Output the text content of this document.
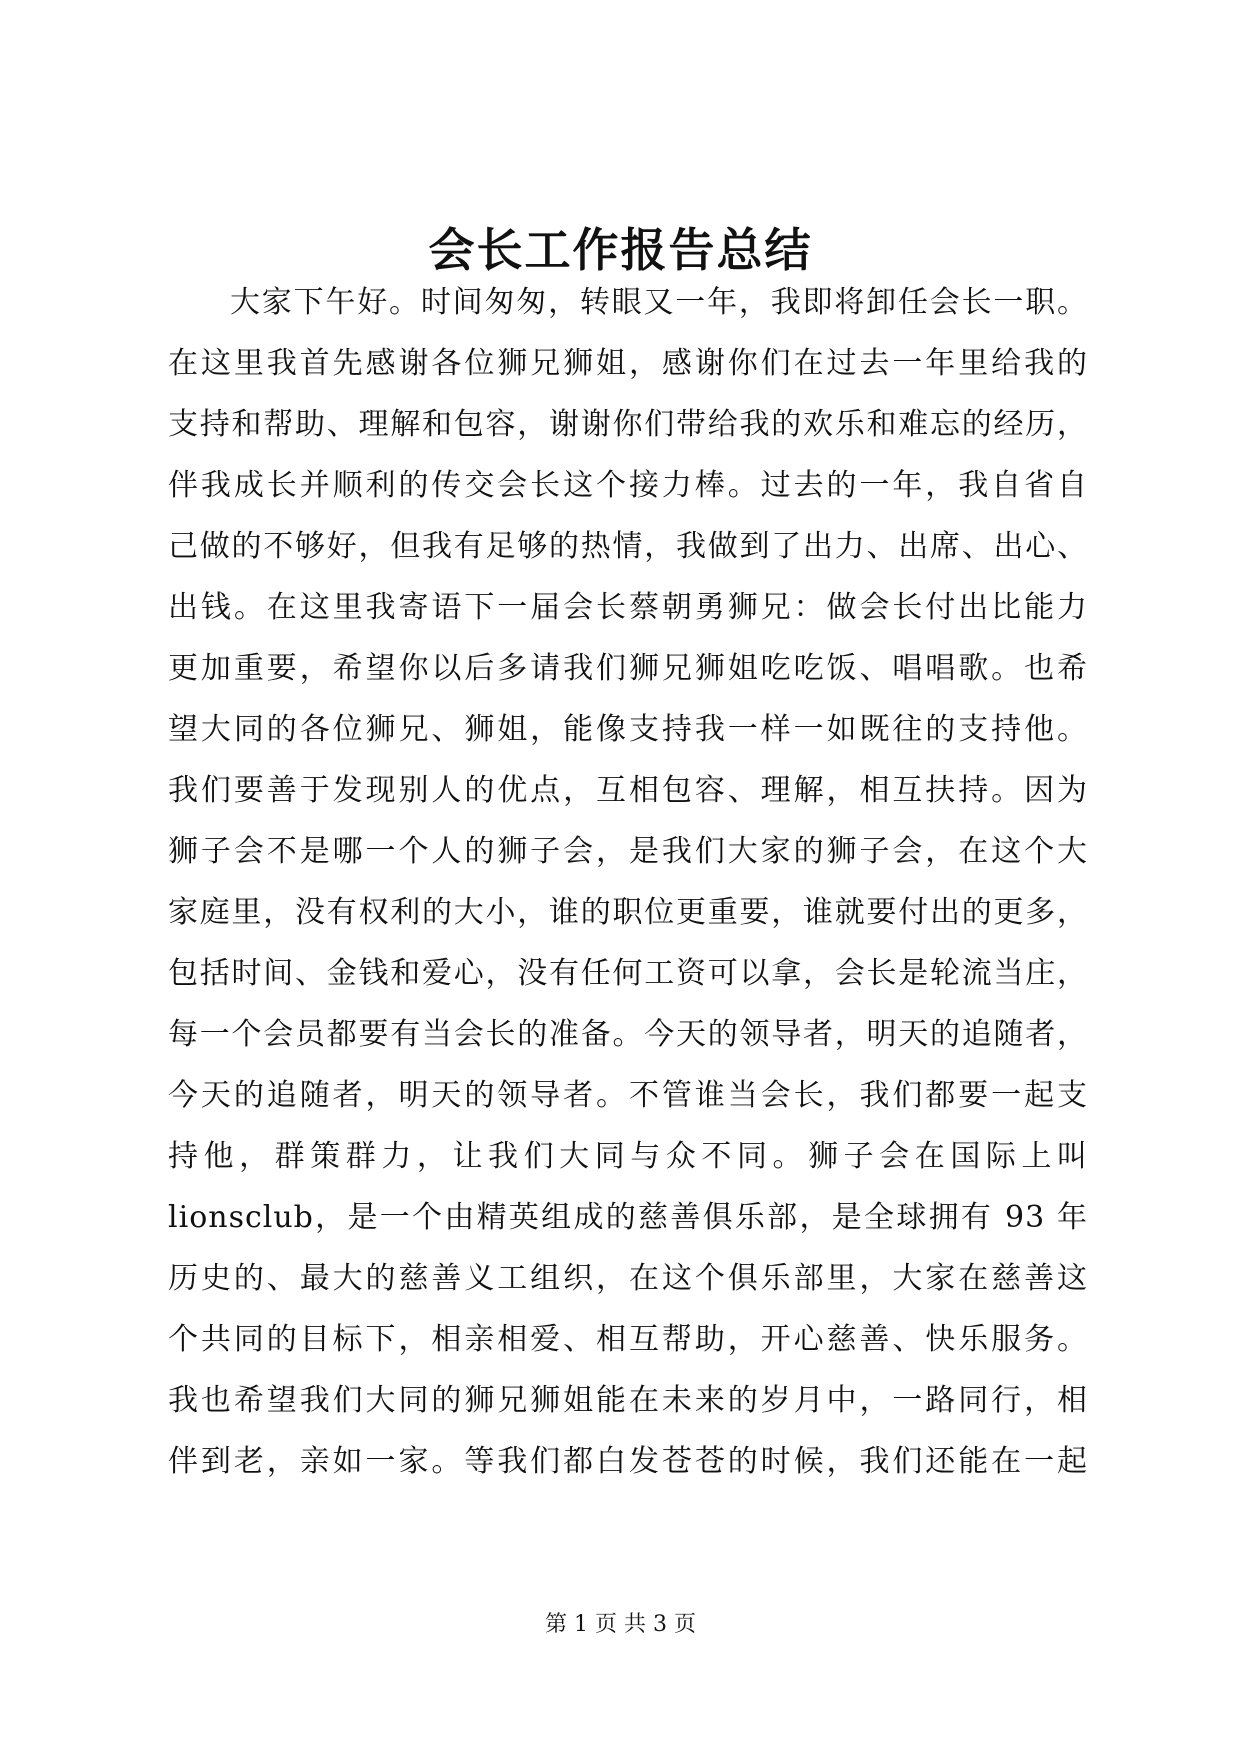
会长工作报告总结
大家下午好。时间匆匆，转眼又一年，我即将卸任会长一职。
在这里我首先感谢各位狮兄狮姐，感谢你们在过去一年里给我的
支持和帮助、理解和包容，谢谢你们带给我的欢乐和难忘的经历，
伴我成长并顺利的传交会长这个接力棒。过去的一年，我自省自
己做的不够好，但我有足够的热情，我做到了出力、出席、出心、
出钱。在这里我寄语下一届会长蔡朝勇狮兄：做会长付出比能力
更加重要，希望你以后多请我们狮兄狮姐吃吃饭、唱唱歌。也希
望大同的各位狮兄、狮姐，能像支持我一样一如既往的支持他。
我们要善于发现别人的优点，互相包容、理解，相互扶持。因为
狮子会不是哪一个人的狮子会，是我们大家的狮子会，在这个大
家庭里，没有权利的大小，谁的职位更重要，谁就要付出的更多，
包括时间、金钱和爱心，没有任何工资可以拿，会长是轮流当庄，
每一个会员都要有当会长的准备。今天的领导者，明天的追随者，
今天的追随者，明天的领导者。不管谁当会长，我们都要一起支
持他，群策群力，让我们大同与众不同。狮子会在国际上叫
lionsclub，是一个由精英组成的慈善俱乐部，是全球拥有 93 年
历史的、最大的慈善义工组织，在这个俱乐部里，大家在慈善这
个共同的目标下，相亲相爱、相互帮助，开心慈善、快乐服务。
我也希望我们大同的狮兄狮姐能在未来的岁月中，一路同行，相
伴到老，亲如一家。等我们都白发苍苍的时候，我们还能在一起
第 1 页 共 3 页
